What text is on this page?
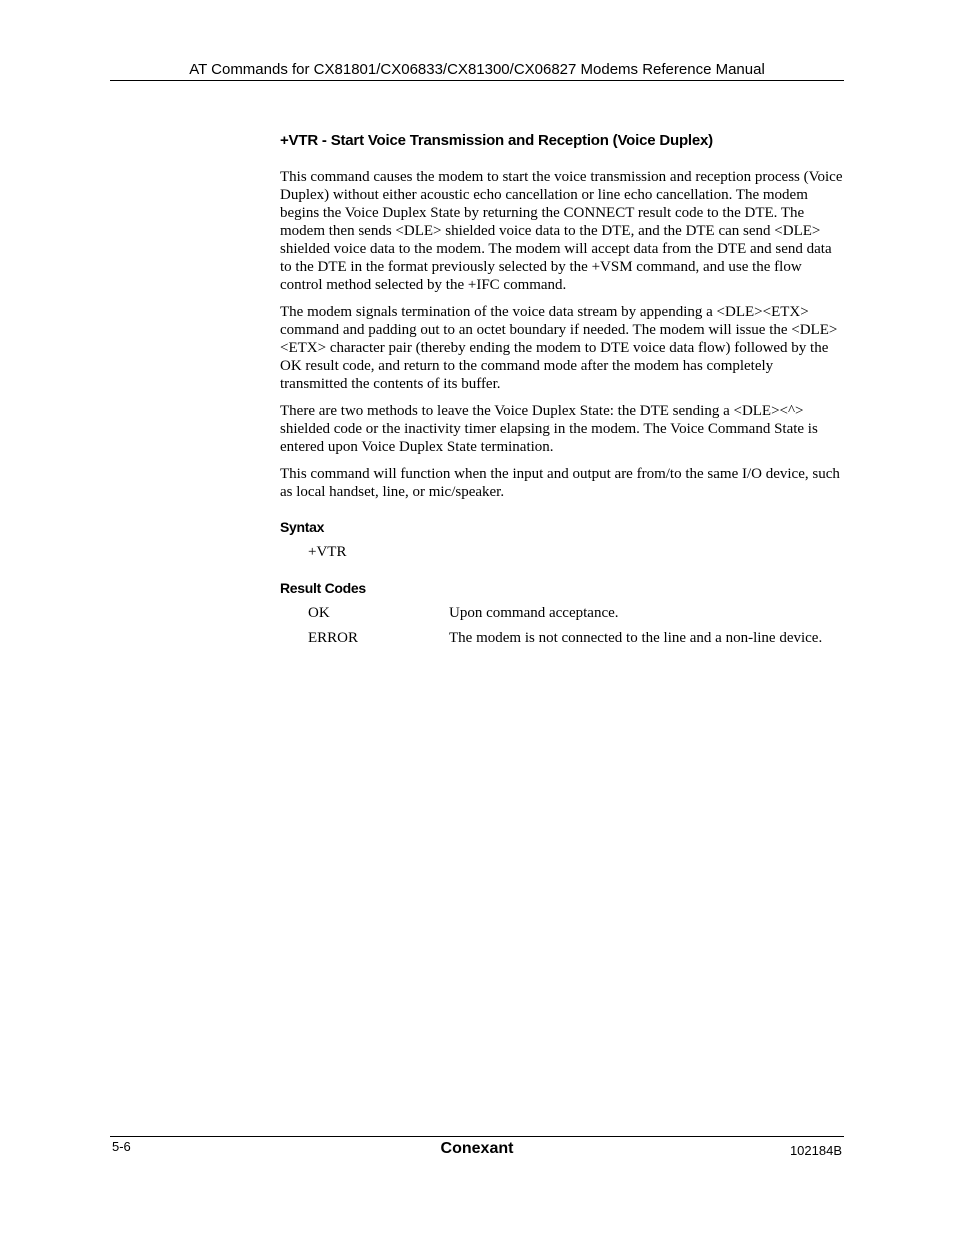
AT Commands for CX81801/CX06833/CX81300/CX06827 Modems Reference Manual
+VTR - Start Voice Transmission and Reception (Voice Duplex)

This command causes the modem to start the voice transmission and reception process (Voice Duplex) without either acoustic echo cancellation or line echo cancellation. The modem begins the Voice Duplex State by returning the CONNECT result code to the DTE. The modem then sends <DLE> shielded voice data to the DTE, and the DTE can send <DLE> shielded voice data to the modem. The modem will accept data from the DTE and send data to the DTE in the format previously selected by the +VSM command, and use the flow control method selected by the +IFC command.

The modem signals termination of the voice data stream by appending a <DLE><ETX> command and padding out to an octet boundary if needed. The modem will issue the <DLE><ETX> character pair (thereby ending the modem to DTE voice data flow) followed by the OK result code, and return to the command mode after the modem has completely transmitted the contents of its buffer.

There are two methods to leave the Voice Duplex State: the DTE sending a <DLE><^> shielded code or the inactivity timer elapsing in the modem. The Voice Command State is entered upon Voice Duplex State termination.

This command will function when the input and output are from/to the same I/O device, such as local handset, line, or mic/speaker.

Syntax
+VTR
Result Codes
OK	Upon command acceptance.
ERROR	The modem is not connected to the line and a non-line device.
5-6	Conexant	102184B
